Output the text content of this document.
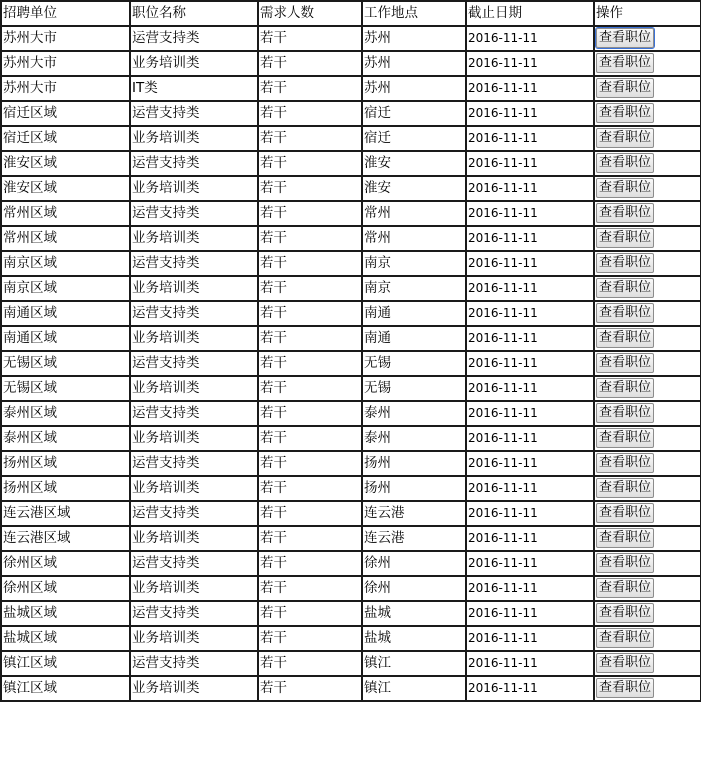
招聘单位	职位名称	需求人数	工作地点	截止日期	操作
苏州大市	运营支持类	若干	苏州	2016-11-11	查看职位
苏州大市	业务培训类	若干	苏州	2016-11-11	查看职位
苏州大市	IT类	若干	苏州	2016-11-11	查看职位
宿迁区域	运营支持类	若干	宿迁	2016-11-11	查看职位
宿迁区域	业务培训类	若干	宿迁	2016-11-11	查看职位
淮安区域	运营支持类	若干	淮安	2016-11-11	查看职位
淮安区域	业务培训类	若干	淮安	2016-11-11	查看职位
常州区域	运营支持类	若干	常州	2016-11-11	查看职位
常州区域	业务培训类	若干	常州	2016-11-11	查看职位
南京区域	运营支持类	若干	南京	2016-11-11	查看职位
南京区域	业务培训类	若干	南京	2016-11-11	查看职位
南通区域	运营支持类	若干	南通	2016-11-11	查看职位
南通区域	业务培训类	若干	南通	2016-11-11	查看职位
无锡区域	运营支持类	若干	无锡	2016-11-11	查看职位
无锡区域	业务培训类	若干	无锡	2016-11-11	查看职位
泰州区域	运营支持类	若干	泰州	2016-11-11	查看职位
泰州区域	业务培训类	若干	泰州	2016-11-11	查看职位
扬州区域	运营支持类	若干	扬州	2016-11-11	查看职位
扬州区域	业务培训类	若干	扬州	2016-11-11	查看职位
连云港区域	运营支持类	若干	连云港	2016-11-11	查看职位
连云港区域	业务培训类	若干	连云港	2016-11-11	查看职位
徐州区域	运营支持类	若干	徐州	2016-11-11	查看职位
徐州区域	业务培训类	若干	徐州	2016-11-11	查看职位
盐城区域	运营支持类	若干	盐城	2016-11-11	查看职位
盐城区域	业务培训类	若干	盐城	2016-11-11	查看职位
镇江区域	运营支持类	若干	镇江	2016-11-11	查看职位
镇江区域	业务培训类	若干	镇江	2016-11-11	查看职位
